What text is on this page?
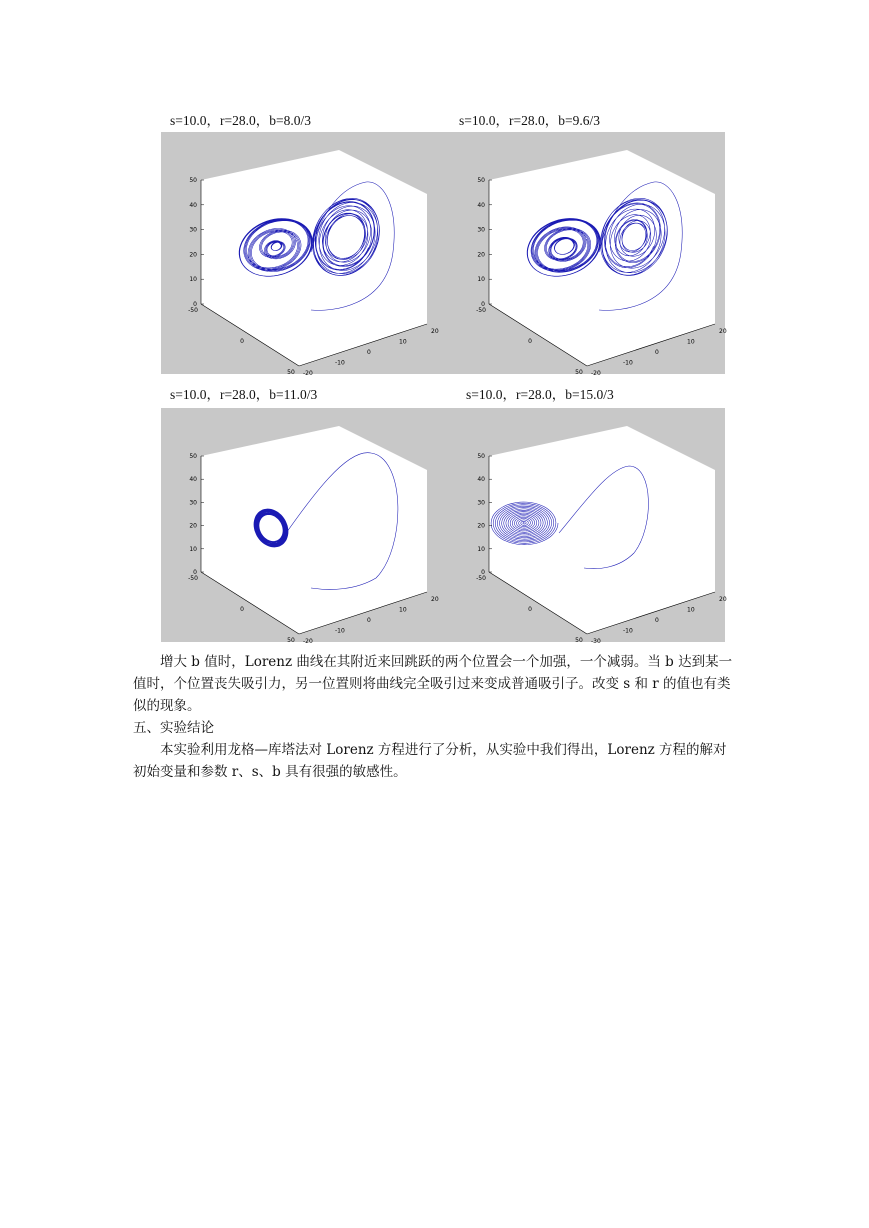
s=10.0，r=28.0，b=8.0/3	s=10.0，r=28.0，b=9.6/3
50
40
30
20
10
0
-50
0
50 -20
-10
0
10
20
50
40
30
20
10
0
-50
0
50 -20
-10
0
10
20
s=10.0，r=28.0，b=11.0/3	s=10.0，r=28.0，b=15.0/3
50
40
30
20
10
0
-50
0
50 -20
-10
0
10
20
50
40
30
20
10
0
-50
0
50 -30
-10
0
10
20

增大 b 值时，Lorenz 曲线在其附近来回跳跃的两个位置会一个加强，一个减弱。当 b 达到某一值时，个位置丧失吸引力，另一位置则将曲线完全吸引过来变成普通吸引子。改变 s 和 r 的值也有类似的现象。

五、实验结论

本实验利用龙格—库塔法对 Lorenz 方程进行了分析，从实验中我们得出，Lorenz 方程的解对初始变量和参数 r、s、b 具有很强的敏感性。
